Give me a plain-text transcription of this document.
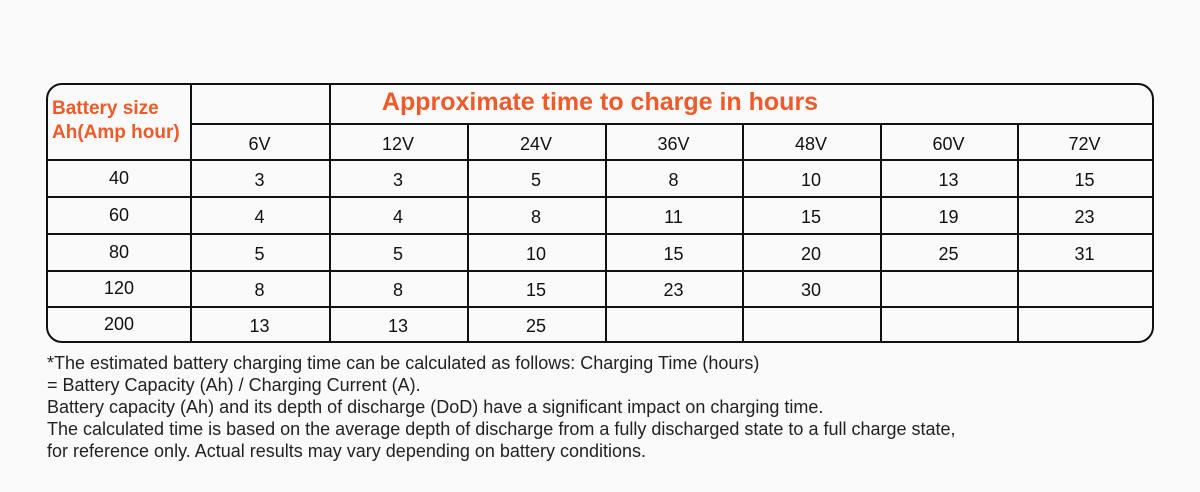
Approximate time to charge in hours
Battery size
Ah(Amp hour)
6V	12V	24V	36V	48V	60V	72V
40	3	3	5	8	10	13	15
60	4	4	8	11	15	19	23
80	5	5	10	15	20	25	31
120	8	8	15	23	30
200	13	13	25
*The estimated battery charging time can be calculated as follows: Charging Time (hours)
= Battery Capacity (Ah) / Charging Current (A).
Battery capacity (Ah) and its depth of discharge (DoD) have a significant impact on charging time.
The calculated time is based on the average depth of discharge from a fully discharged state to a full charge state,
for reference only. Actual results may vary depending on battery conditions.
